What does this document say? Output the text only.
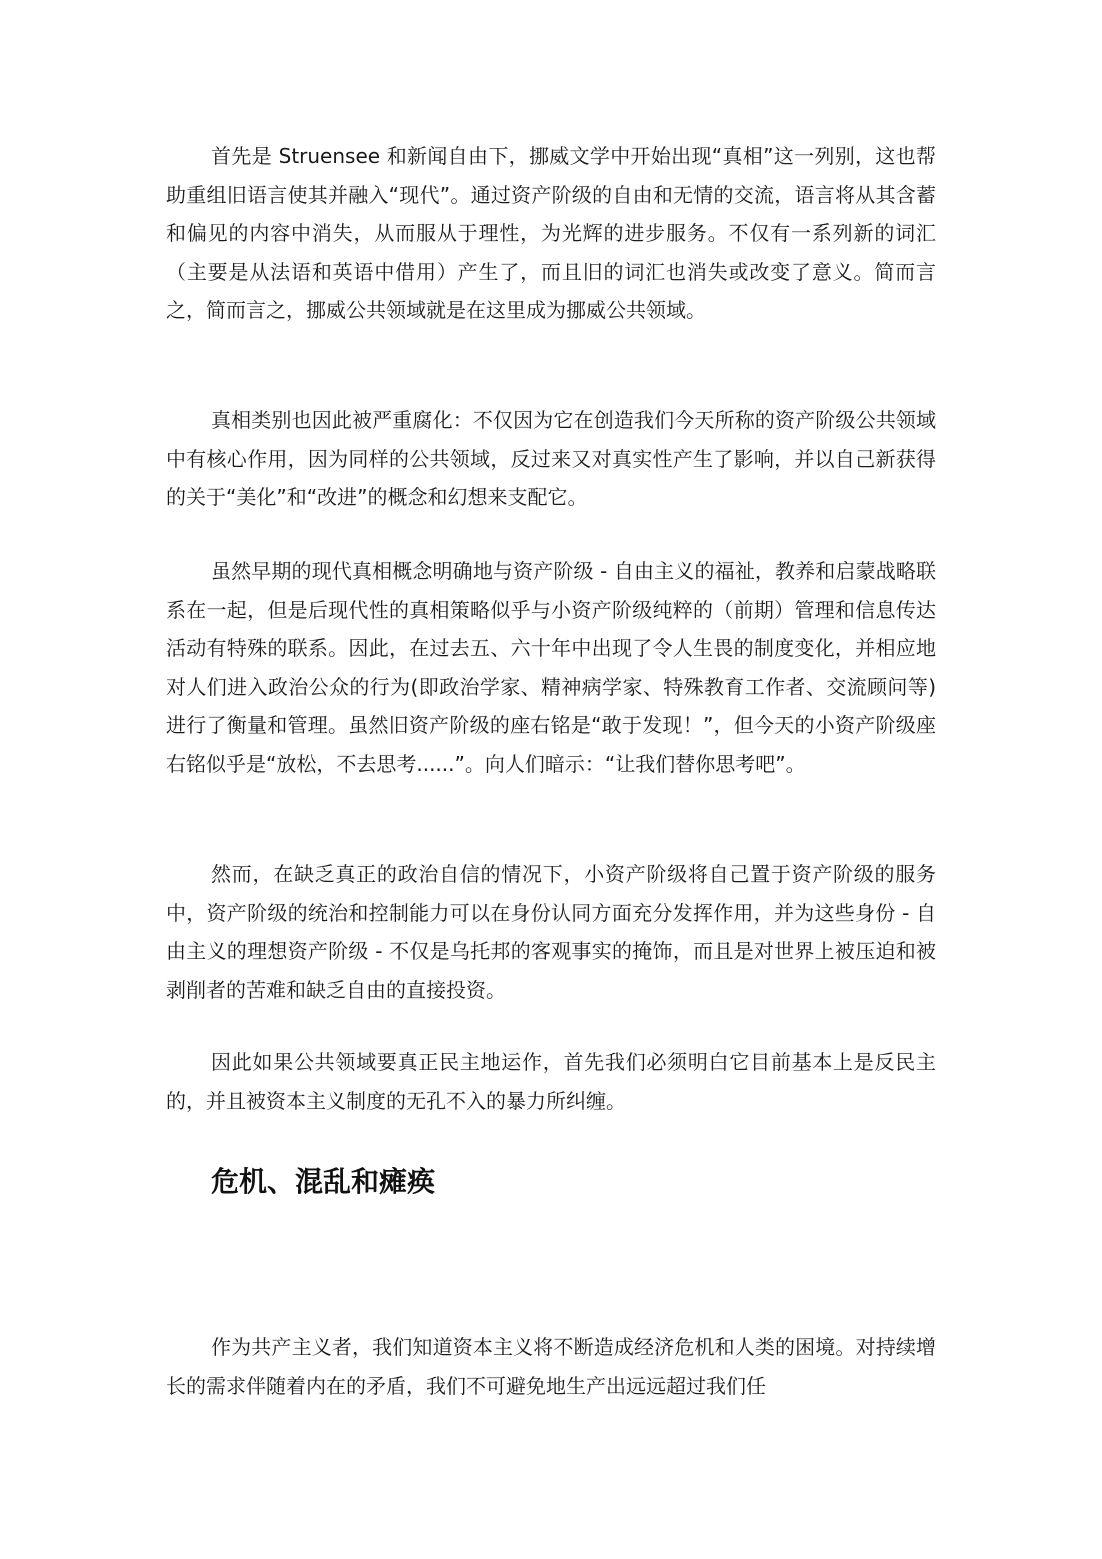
首先是 Struensee 和新闻自由下，挪威文学中开始出现“真相”这一列别，这也帮助重组旧语言使其并融入“现代”。通过资产阶级的自由和无情的交流，语言将从其含蓄和偏见的内容中消失，从而服从于理性，为光辉的进步服务。不仅有一系列新的词汇（主要是从法语和英语中借用）产生了，而且旧的词汇也消失或改变了意义。简而言之，简而言之，挪威公共领域就是在这里成为挪威公共领域。

真相类别也因此被严重腐化：不仅因为它在创造我们今天所称的资产阶级公共领域中有核心作用，因为同样的公共领域，反过来又对真实性产生了影响，并以自己新获得的关于“美化”和“改进”的概念和幻想来支配它。

虽然早期的现代真相概念明确地与资产阶级 - 自由主义的福祉，教养和启蒙战略联系在一起，但是后现代性的真相策略似乎与小资产阶级纯粹的（前期）管理和信息传达活动有特殊的联系。因此，在过去五、六十年中出现了令人生畏的制度变化，并相应地对人们进入政治公众的行为(即政治学家、精神病学家、特殊教育工作者、交流顾问等)进行了衡量和管理。虽然旧资产阶级的座右铭是“敢于发现！”，但今天的小资产阶级座右铭似乎是“放松，不去思考......”。向人们暗示：“让我们替你思考吧”。

然而，在缺乏真正的政治自信的情况下，小资产阶级将自己置于资产阶级的服务中，资产阶级的统治和控制能力可以在身份认同方面充分发挥作用，并为这些身份 - 自由主义的理想资产阶级 - 不仅是乌托邦的客观事实的掩饰，而且是对世界上被压迫和被剥削者的苦难和缺乏自由的直接投资。

因此如果公共领域要真正民主地运作，首先我们必须明白它目前基本上是反民主的，并且被资本主义制度的无孔不入的暴力所纠缠。

危机、混乱和瘫痪

作为共产主义者，我们知道资本主义将不断造成经济危机和人类的困境。对持续增长的需求伴随着内在的矛盾，我们不可避免地生产出远远超过我们任
